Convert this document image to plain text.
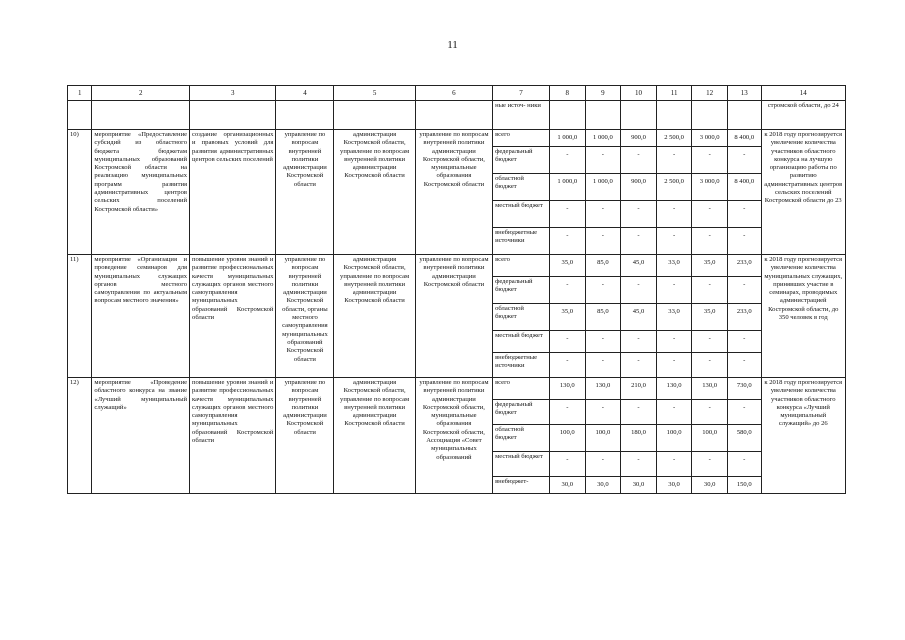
11
1	2	3	4	5	6	7	8	9	10	11	12	13	14
						ные источ- ники							стромской области, до 24
10)	мероприятие «Предоставление субсидий из областного бюджета бюджетам муниципальных образований Костромской области на реализацию муниципальных программ развития административных центров сельских поселений Костромской области»	создание организационных и правовых условий для развития административных центров сельских поселений	управление по вопросам внутренней политики администрации Костромской области	администрация Костромской области, управление по вопросам внутренней политики администрации Костромской области	управление по вопросам внутренней политики администрации Костромской области, муниципальные образования Костромской области	всего	1 000,0	1 000,0	900,0	2 500,0	3 000,0	8 400,0	к 2018 году прогнозируется увеличение количества участников областного конкурса на лучшую организацию работы по развитию административных центров сельских поселений Костромской области до 23
						федеральный бюджет	-	-	-	-	-	-	
						областной бюджет	1 000,0	1 000,0	900,0	2 500,0	3 000,0	8 400,0	
						местный бюджет	-	-	-	-	-	-	
						внебюджетные источники	-	-	-	-	-	-	
11)	мероприятие «Организация и проведение семинаров для муниципальных служащих органов местного самоуправления по актуальным вопросам местного значения»	повышение уровня знаний и развитие профессиональных качеств муниципальных служащих органов местного самоуправления муниципальных образований Костромской области	управление по вопросам внутренней политики администрации Костромской области, органы местного самоуправления муниципальных образований Костромской области	администрация Костромской области, управление по вопросам внутренней политики администрации Костромской области	управление по вопросам внутренней политики администрации Костромской области	всего	35,0	85,0	45,0	33,0	35,0	233,0	к 2018 году прогнозируется увеличение количества муниципальных служащих, принявших участие в семинарах, проводимых администрацией Костромской области, до 350 человек в год
						федеральный бюджет	-	-	-	-	-	-	
						областной бюджет	35,0	85,0	45,0	33,0	35,0	233,0	
						местный бюджет	-	-	-	-	-	-	
						внебюджетные источники	-	-	-	-	-	-	
12)	мероприятие «Проведение областного конкурса на звание «Лучший муниципальный служащий»	повышение уровня знаний и развитие профессиональных качеств муниципальных служащих органов местного самоуправления муниципальных образований Костромской области	управление по вопросам внутренней политики администрации Костромской области	администрация Костромской области, управление по вопросам внутренней политики администрации Костромской области	управление по вопросам внутренней политики администрации Костромской области, муниципальные образования Костромской области, Ассоциация «Совет муниципальных образований	всего	130,0	130,0	210,0	130,0	130,0	730,0	к 2018 году прогнозируется увеличение количества участников областного конкурса «Лучший муниципальный служащий» до 26
						федеральный бюджет	-	-	-	-	-	-	
						областной бюджет	100,0	100,0	180,0	100,0	100,0	580,0	
						местный бюджет	-	-	-	-	-	-	
						внебюджет-	30,0	30,0	30,0	30,0	30,0	150,0	
